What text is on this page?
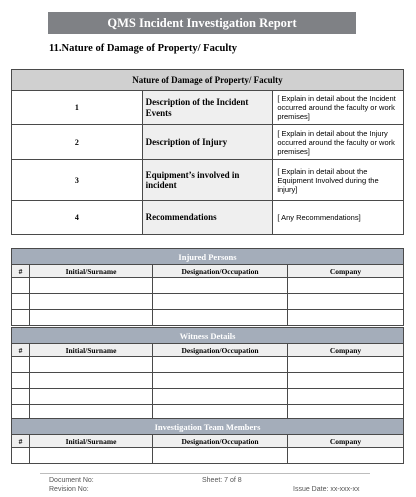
QMS Incident Investigation Report
11.Nature of Damage of Property/ Faculty
Nature of Damage of Property/ Faculty		
1	Description of the Incident Events	[ Explain in detail about the Incident occurred around the faculty or work premises]
2	Description of Injury	[ Explain in detail about the Injury occurred around the faculty or work premises]
3	Equipment’s involved in incident	[ Explain in detail about the Equipment Involved during the injury]
4	Recommendations	[ Any Recommendations]
Injured Persons			
#	Initial/Surname	Designation/Occupation	Company

Witness Details			
#	Initial/Surname	Designation/Occupation	Company

Investigation Team Members			
#	Initial/Surname	Designation/Occupation	Company

Document No:
Revision No:
Sheet: 7 of 8
Issue Date: xx-xxx-xx
